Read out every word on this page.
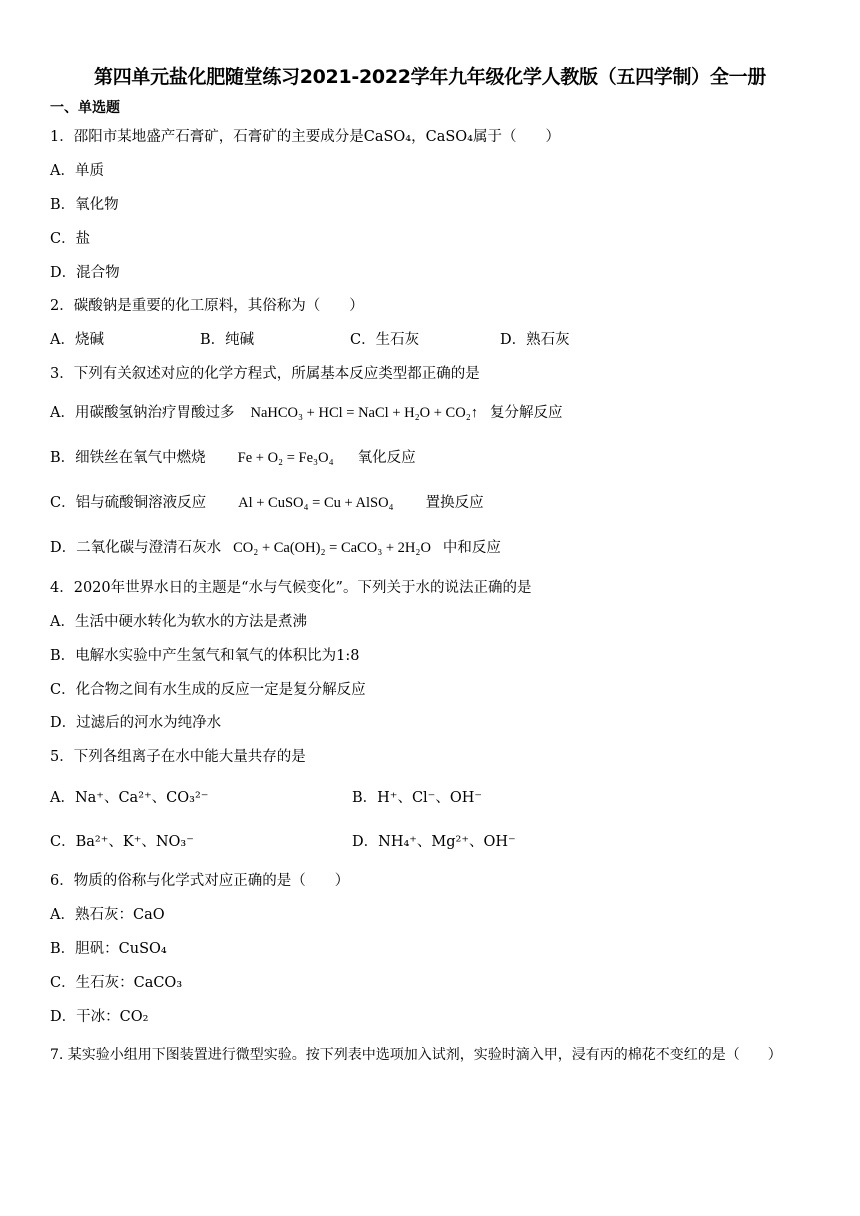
第四单元盐化肥随堂练习2021-2022学年九年级化学人教版（五四学制）全一册
一、单选题
1．邵阳市某地盛产石膏矿，石膏矿的主要成分是CaSO₄，CaSO₄属于（　　）
A．单质
B．氧化物
C．盐
D．混合物
2．碳酸钠是重要的化工原料，其俗称为（　　）
A．烧碱	B．纯碱	C．生石灰	D．熟石灰
3．下列有关叙述对应的化学方程式，所属基本反应类型都正确的是
A．用碳酸氢钠治疗胃酸过多 NaHCO₃ + HCl = NaCl + H₂O + CO₂↑ 复分解反应
B．细铁丝在氧气中燃烧 Fe + O₂ = Fe₃O₄ 氧化反应
C．铝与硫酸铜溶液反应 Al + CuSO₄ = Cu + AlSO₄ 置换反应
D．二氧化碳与澄清石灰水 CO₂ + Ca(OH)₂ = CaCO₃ + 2H₂O 中和反应
4．2020年世界水日的主题是“水与气候变化”。下列关于水的说法正确的是
A．生活中硬水转化为软水的方法是煮沸
B．电解水实验中产生氢气和氧气的体积比为1:8
C．化合物之间有水生成的反应一定是复分解反应
D．过滤后的河水为纯净水
5．下列各组离子在水中能大量共存的是
A．Na⁺、Ca²⁺、CO₃²⁻	B．H⁺、Cl⁻、OH⁻
C．Ba²⁺、K⁺、NO₃⁻	D．NH₄⁺、Mg²⁺、OH⁻
6．物质的俗称与化学式对应正确的是（　　）
A．熟石灰：CaO
B．胆矾：CuSO₄
C．生石灰：CaCO₃
D．干冰：CO₂
7. 某实验小组用下图装置进行微型实验。按下列表中选项加入试剂，实验时滴入甲，浸有丙的棉花不变红的是（　　）
